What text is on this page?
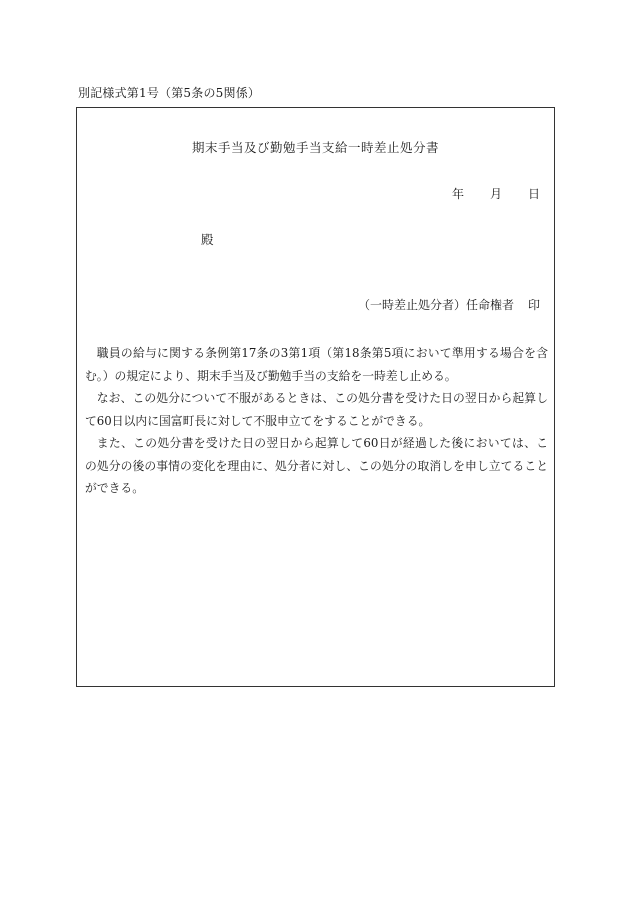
別記様式第1号（第5条の5関係）
期末手当及び勤勉手当支給一時差止処分書
年 月 日
殿
（一時差止処分者）任命権者 印

職員の給与に関する条例第17条の3第1項（第18条第5項において準用する場合を含む。）の規定により、期末手当及び勤勉手当の支給を一時差し止める。

なお、この処分について不服があるときは、この処分書を受けた日の翌日から起算して60日以内に国富町長に対して不服申立てをすることができる。

また、この処分書を受けた日の翌日から起算して60日が経過した後においては、この処分の後の事情の変化を理由に、処分者に対し、この処分の取消しを申し立てることができる。
